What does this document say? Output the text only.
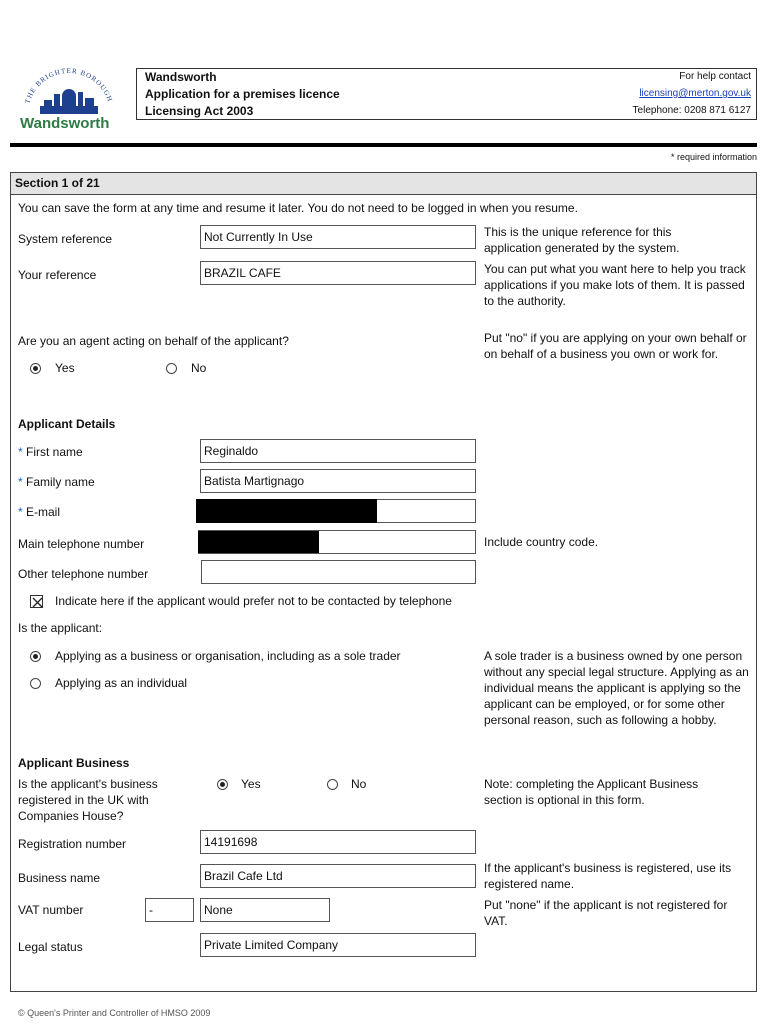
THE BRIGHTER BOROUGH
Wandsworth
Wandsworth
Application for a premises licence
Licensing Act 2003
For help contact
licensing@merton.gov.uk
Telephone: 0208 871 6127
* required information
Section 1 of 21
You can save the form at any time and resume it later. You do not need to be logged in when you resume.
System reference	Not Currently In Use	This is the unique reference for this application generated by the system.
Your reference	BRAZIL CAFE	You can put what you want here to help you track applications if you make lots of them. It is passed to the authority.
Are you an agent acting on behalf of the applicant?
Yes	No
Put "no" if you are applying on your own behalf or on behalf of a business you own or work for.
Applicant Details
* First name	Reginaldo
* Family name	Batista Martignago
* E-mail
Main telephone number	Include country code.
Other telephone number
Indicate here if the applicant would prefer not to be contacted by telephone
Is the applicant:
Applying as a business or organisation, including as a sole trader
Applying as an individual
A sole trader is a business owned by one person without any special legal structure. Applying as an individual means the applicant is applying so the applicant can be employed, or for some other personal reason, such as following a hobby.
Applicant Business
Is the applicant's business registered in the UK with Companies House?
Yes	No	Note: completing the Applicant Business section is optional in this form.
Registration number	14191698
Business name	Brazil Cafe Ltd
If the applicant's business is registered, use its registered name.
VAT number	-	None	Put "none" if the applicant is not registered for VAT.
Legal status	Private Limited Company
© Queen's Printer and Controller of HMSO 2009
